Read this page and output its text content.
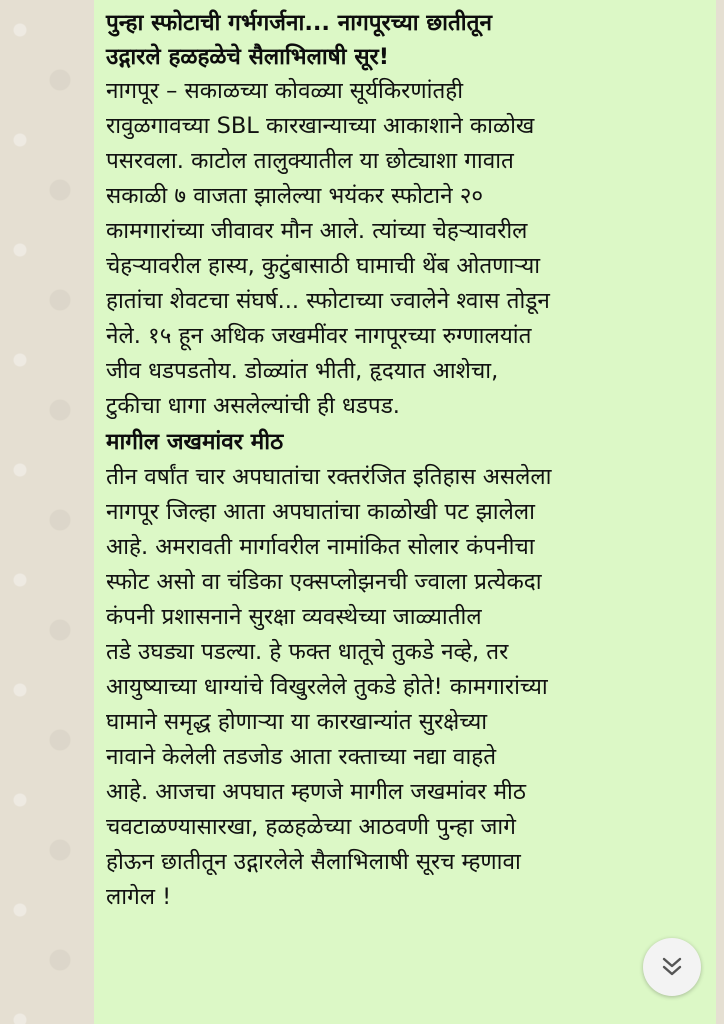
पुन्हा स्फोटाची गर्भगर्जना... नागपूरच्या छातीतून
उद्गारले हळहळेचे सैलाभिलाषी सूर!
नागपूर – सकाळच्या कोवळ्या सूर्यकिरणांतही
रावुळगावच्या SBL कारखान्याच्या आकाशाने काळोख
पसरवला. काटोल तालुक्यातील या छोट्याशा गावात
सकाळी ७ वाजता झालेल्या भयंकर स्फोटाने २०
कामगारांच्या जीवावर मौन आले. त्यांच्या चेहऱ्यावरील
चेहऱ्यावरील हास्य, कुटुंबासाठी घामाची थेंब ओतणाऱ्या
हातांचा शेवटचा संघर्ष... स्फोटाच्या ज्वालेने श्वास तोडून
नेले. १५ हून अधिक जखमींवर नागपूरच्या रुग्णालयांत
जीव धडपडतोय. डोळ्यांत भीती, हृदयात आशेचा,
टुकीचा धागा असलेल्यांची ही धडपड.
मागील जखमांवर मीठ
तीन वर्षांत चार अपघातांचा रक्तरंजित इतिहास असलेला
नागपूर जिल्हा आता अपघातांचा काळोखी पट झालेला
आहे. अमरावती मार्गावरील नामांकित सोलार कंपनीचा
स्फोट असो वा चंडिका एक्सप्लोझनची ज्वाला प्रत्येकदा
कंपनी प्रशासनाने सुरक्षा व्यवस्थेच्या जाळ्यातील
तडे उघड्या पडल्या. हे फक्त धातूचे तुकडे नव्हे, तर
आयुष्याच्या धाग्यांचे विखुरलेले तुकडे होते! कामगारांच्या
घामाने समृद्ध होणाऱ्या या कारखान्यांत सुरक्षेच्या
नावाने केलेली तडजोड आता रक्ताच्या नद्या वाहते
आहे. आजचा अपघात म्हणजे मागील जखमांवर मीठ
चवटाळण्यासारखा, हळहळेच्या आठवणी पुन्हा जागे
होऊन छातीतून उद्गारलेले सैलाभिलाषी सूरच म्हणावा
लागेल !
